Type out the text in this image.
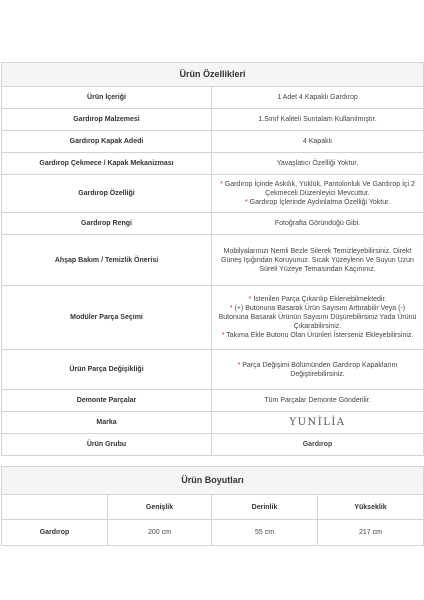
Ürün Özellikleri	
Ürün İçeriği	1 Adet 4 Kapaklı Gardırop
Gardırop Malzemesi	1.Sınıf Kaliteli Suntalam Kullanılmıştır.
Gardırop Kapak Adedi	4 Kapaklı
Gardırop Çekmece / Kapak Mekanizması	Yavaşlatıcı Özelliği Yoktur.
Gardırop Özelliği	* Gardırop İçinde Askılık, Yüklük, Pantolonluk Ve Gardırop İçi 2 Çekmeceli Düzenleyici Mevcuttur.
* Gardırop İçlerinde Aydınlatma Özelliği Yoktur.

Gardırop Rengi	Fotoğrafta Göründüğü Gibi.
Ahşap Bakım / Temizlik Önerisi	Mobilyalarınızı Nemli Bezle Silerek Temizleyebilirsiniz. Direkt Güneş Işığından Koruyunuz. Sıcak Yüzeylerin Ve Suyun Uzun Süreli Yüzeye Temasından Kaçınınız.
Modüler Parça Seçimi	* İstenilen Parça Çıkarılıp Eklenebilmektedir.
* (+) Butonuna Basarak Ürün Sayısını Arttırabilir Veya (-) Butonuna Basarak Ürünün Sayısını Düşürebilirsiniz Yada Ürünü Çıkarabilirsiniz.
* Takıma Ekle Butonu Olan Ürünleri İsterseniz Ekleyebilirsiniz.

Ürün Parça Değişikliği	* Parça Değişimi Bölümünden Gardırop Kapaklarını Değiştirebilirsiniz.

Demonte Parçalar	Tüm Parçalar Demonte Gönderilir.
Marka	YUNİLİA
Ürün Grubu	Gardırop
Ürün Boyutları			
	Genişlik	Derinlik	Yükseklik
Gardırop	200 cm	55 cm	217 cm
